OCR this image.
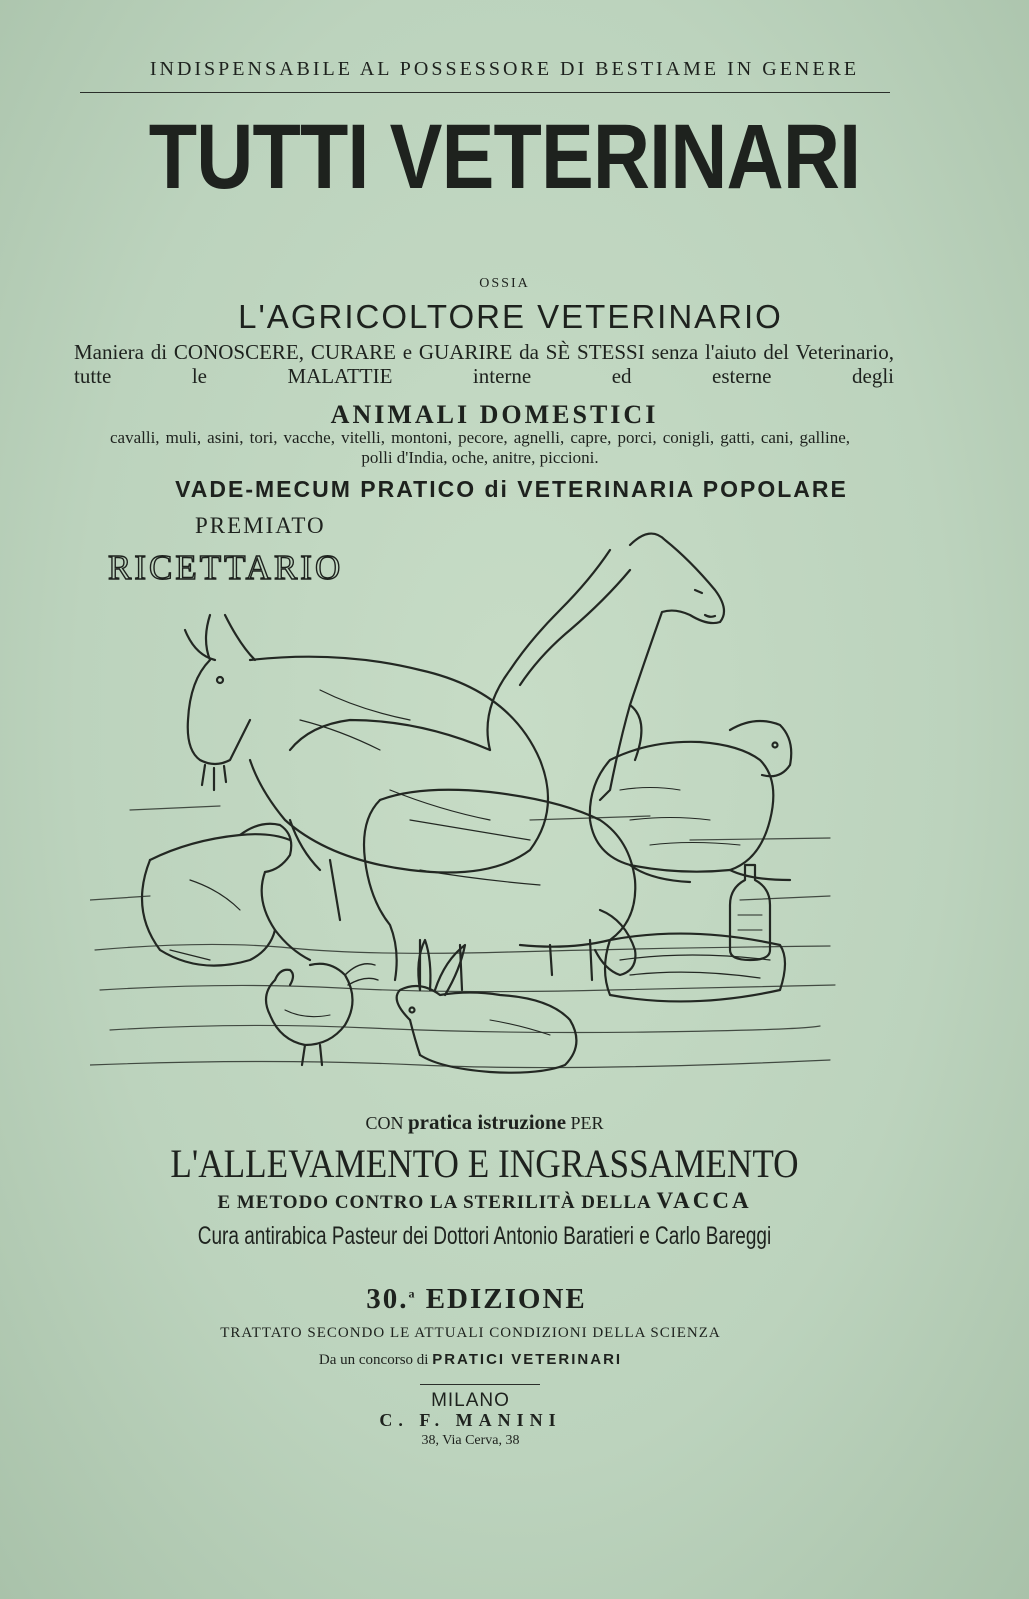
INDISPENSABILE AL POSSESSORE DI BESTIAME IN GENERE
TUTTI VETERINARI
OSSIA
L'AGRICOLTORE VETERINARIO
Maniera di CONOSCERE, CURARE e GUARIRE da SÈ STESSI senza l'aiuto del Veterinario, tutte le MALATTIE interne ed esterne degli
ANIMALI DOMESTICI
cavalli, muli, asini, tori, vacche, vitelli, montoni, pecore, agnelli, capre, porci, conigli, gatti, cani, galline, polli d'India, oche, anitre, piccioni.
VADE-MECUM PRATICO di VETERINARIA POPOLARE
PREMIATO
RICETTARIO
CON pratica istruzione PER
L'ALLEVAMENTO E INGRASSAMENTO
E METODO CONTRO LA STERILITÀ DELLA VACCA
Cura antirabica Pasteur dei Dottori Antonio Baratieri e Carlo Bareggi
30.$^a$ EDIZIONE
TRATTATO SECONDO LE ATTUALI CONDIZIONI DELLA SCIENZA
Da un concorso di PRATICI VETERINARI
MILANO
C. F. MANINI
38, Via Cerva, 38
